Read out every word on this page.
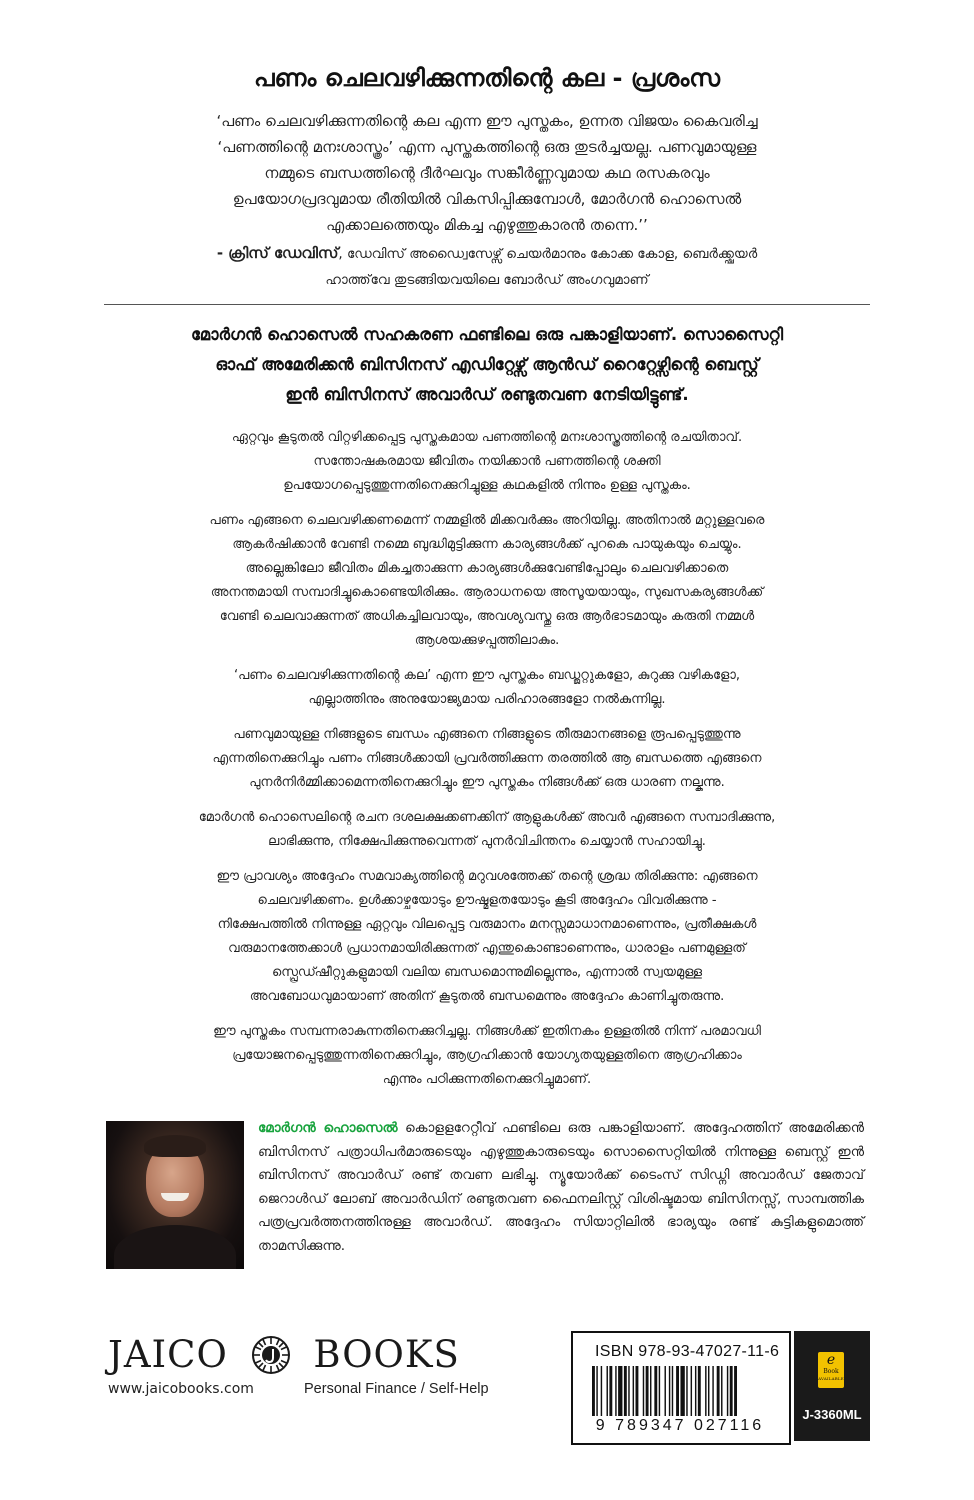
പണം ചെലവഴിക്കുന്നതിന്റെ കല - പ്രശംസ
‘പണം ചെലവഴിക്കുന്നതിന്റെ കല എന്ന ഈ പുസ്തകം, ഉന്നത വിജയം കൈവരിച്ച
‘പണത്തിന്റെ മനഃശാസ്ത്രം’ എന്ന പുസ്തകത്തിന്റെ ഒരു തുടർച്ചയല്ല. പണവുമായുള്ള
നമ്മുടെ ബന്ധത്തിന്റെ ദീർഘവും സങ്കീർണ്ണവുമായ കഥ രസകരവും
ഉപയോഗപ്രദവുമായ രീതിയിൽ വികസിപ്പിക്കുമ്പോൾ, മോർഗൻ ഹൊസെൽ
എക്കാലത്തെയും മികച്ച എഴുത്തുകാരൻ തന്നെ.’’
- ക്രിസ് ഡേവിസ്, ഡേവിസ് അഡ്വൈസേഴ്സ് ചെയർമാനും കോക്ക കോള, ബെർക്ക്ഷയർ
ഹാത്ത്‌വേ തുടങ്ങിയവയിലെ ബോർഡ് അംഗവുമാണ്
മോർഗൻ ഹൊസെൽ സഹകരണ ഫണ്ടിലെ ഒരു പങ്കാളിയാണ്. സൊസൈറ്റി
ഓഫ് അമേരിക്കൻ ബിസിനസ് എഡിറ്റേഴ്സ് ആൻഡ് റൈറ്റേഴ്സിന്റെ ബെസ്റ്റ്
ഇൻ ബിസിനസ് അവാർഡ് രണ്ടുതവണ നേടിയിട്ടുണ്ട്.

ഏറ്റവും കൂടുതൽ വിറ്റഴിക്കപ്പെട്ട പുസ്തകമായ പണത്തിന്റെ മനഃശാസ്ത്രത്തിന്റെ രചയിതാവ്.
സന്തോഷകരമായ ജീവിതം നയിക്കാൻ പണത്തിന്റെ ശക്തി
ഉപയോഗപ്പെടുത്തുന്നതിനെക്കുറിച്ചുള്ള കഥകളിൽ നിന്നും ഉള്ള പുസ്തകം.

പണം എങ്ങനെ ചെലവഴിക്കണമെന്ന് നമ്മളിൽ മിക്കവർക്കും അറിയില്ല. അതിനാൽ മറ്റുള്ളവരെ
ആകർഷിക്കാൻ വേണ്ടി നമ്മെ ബുദ്ധിമുട്ടിക്കുന്ന കാര്യങ്ങൾക്ക് പുറകെ പായുകയും ചെയ്യും.
അല്ലെങ്കിലോ ജീവിതം മികച്ചതാക്കുന്ന കാര്യങ്ങൾക്കുവേണ്ടിപ്പോലും ചെലവഴിക്കാതെ
അനന്തമായി സമ്പാദിച്ചുകൊണ്ടെയിരിക്കും. ആരാധനയെ അസൂയയായും, സുഖസകര്യങ്ങൾക്ക്
വേണ്ടി ചെലവാക്കുന്നത് അധികച്ചിലവായും, അവശ്യവസ്തു ഒരു ആർഭാടമായും കരുതി നമ്മൾ
ആശയക്കുഴപ്പത്തിലാകും.

‘പണം ചെലവഴിക്കുന്നതിന്റെ കല’ എന്ന ഈ പുസ്തകം ബഡ്ജറ്റുകളോ, കുറുക്കു വഴികളോ,
എല്ലാത്തിനും അനുയോജ്യമായ പരിഹാരങ്ങളോ നൽകുന്നില്ല.

പണവുമായുള്ള നിങ്ങളുടെ ബന്ധം എങ്ങനെ നിങ്ങളുടെ തീരുമാനങ്ങളെ രൂപപ്പെടുത്തുന്നു
എന്നതിനെക്കുറിച്ചും പണം നിങ്ങൾക്കായി പ്രവർത്തിക്കുന്ന തരത്തിൽ ആ ബന്ധത്തെ എങ്ങനെ
പുനർനിർമ്മിക്കാമെന്നതിനെക്കുറിച്ചും ഈ പുസ്തകം നിങ്ങൾക്ക് ഒരു ധാരണ നല്കുന്നു.

മോർഗൻ ഹൊസെലിന്റെ രചന ദശലക്ഷക്കണക്കിന് ആളുകൾക്ക് അവർ എങ്ങനെ സമ്പാദിക്കുന്നു,
ലാഭിക്കുന്നു, നിക്ഷേപിക്കുന്നുവെന്നത് പുനർവിചിന്തനം ചെയ്യാൻ സഹായിച്ചു.

ഈ പ്രാവശ്യം അദ്ദേഹം സമവാക്യത്തിന്റെ മറുവശത്തേക്ക് തന്റെ ശ്രദ്ധ തിരിക്കുന്നു: എങ്ങനെ
ചെലവഴിക്കണം. ഉൾക്കാഴ്ചയോടും ഊഷ്മളതയോടും കൂടി അദ്ദേഹം വിവരിക്കുന്നു -
നിക്ഷേപത്തിൽ നിന്നുള്ള ഏറ്റവും വിലപ്പെട്ട വരുമാനം മനസ്സമാധാനമാണെന്നും, പ്രതീക്ഷകൾ
വരുമാനത്തേക്കാൾ പ്രധാനമായിരിക്കുന്നത് എന്തുകൊണ്ടാണെന്നും, ധാരാളം പണമുള്ളത്
സ്പ്രെഡ്ഷീറ്റുകളുമായി വലിയ ബന്ധമൊന്നുമില്ലെന്നും, എന്നാൽ സ്വയമുള്ള
അവബോധവുമായാണ് അതിന് കൂടുതൽ ബന്ധമെന്നും അദ്ദേഹം കാണിച്ചുതരുന്നു.

ഈ പുസ്തകം സമ്പന്നരാകുന്നതിനെക്കുറിച്ചല്ല. നിങ്ങൾക്ക് ഇതിനകം ഉള്ളതിൽ നിന്ന് പരമാവധി
പ്രയോജനപ്പെടുത്തുന്നതിനെക്കുറിച്ചും, ആഗ്രഹിക്കാൻ യോഗ്യതയുള്ളതിനെ ആഗ്രഹിക്കാം
എന്നും പഠിക്കുന്നതിനെക്കുറിച്ചുമാണ്.

മോർഗൻ ഹൊസെൽ കൊളളറേറ്റീവ് ഫണ്ടിലെ ഒരു പങ്കാളിയാണ്. അദ്ദേഹത്തിന് അമേരിക്കൻ ബിസിനസ് പത്രാധിപർമാരുടെയും എഴുത്തുകാരുടെയും സൊസൈറ്റിയിൽ നിന്നുള്ള ബെസ്റ്റ് ഇൻ ബിസിനസ് അവാർഡ് രണ്ട് തവണ ലഭിച്ചു. ന്യൂയോർക്ക് ടൈംസ് സിഡ്നി അവാർഡ് ജേതാവ് ജെറാൾഡ് ലോബ് അവാർഡിന് രണ്ടുതവണ ഫൈനലിസ്റ്റ് വിശിഷ്ടമായ ബിസിനസ്സ്, സാമ്പത്തിക പത്രപ്രവർത്തനത്തിനുള്ള അവാർഡ്. അദ്ദേഹം സിയാറ്റിലിൽ ഭാര്യയും രണ്ട് കുട്ടികളുമൊത്ത് താമസിക്കുന്നു.
JAICO BOOKS
www.jaicobooks.com	Personal Finance / Self-Help
ISBN 978-93-47027-11-6
9 789347 027116
e
Book
AVAILABLE
J-3360ML
